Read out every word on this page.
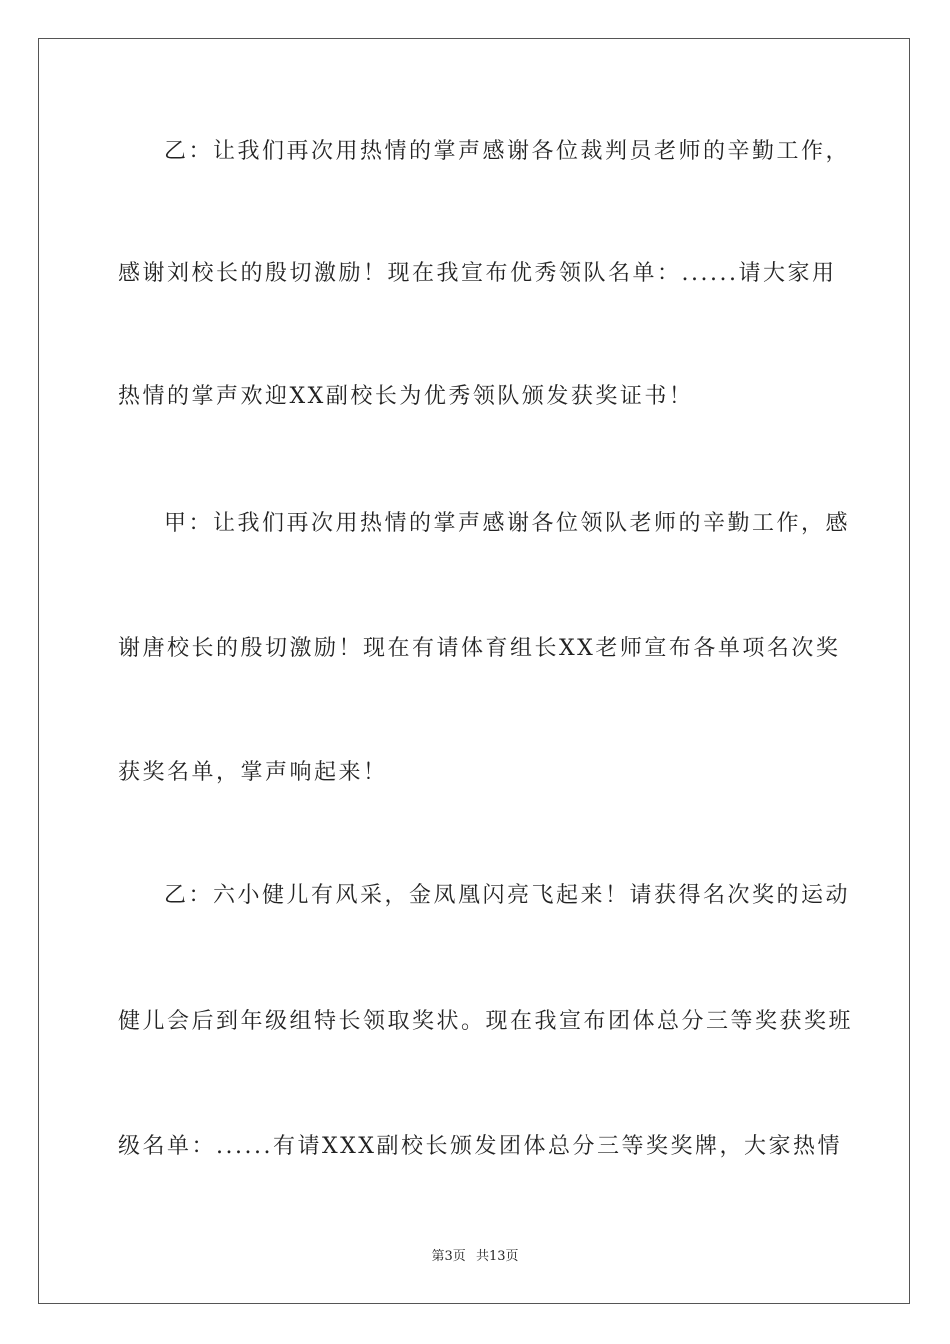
乙：让我们再次用热情的掌声感谢各位裁判员老师的辛勤工作，
感谢刘校长的殷切激励！现在我宣布优秀领队名单：......请大家用
热情的掌声欢迎XX副校长为优秀领队颁发获奖证书！
甲：让我们再次用热情的掌声感谢各位领队老师的辛勤工作，感
谢唐校长的殷切激励！现在有请体育组长XX老师宣布各单项名次奖
获奖名单，掌声响起来！
乙：六小健儿有风采，金凤凰闪亮飞起来！请获得名次奖的运动
健儿会后到年级组特长领取奖状。现在我宣布团体总分三等奖获奖班
级名单：......有请XXX副校长颁发团体总分三等奖奖牌，大家热情
第3页 共13页
